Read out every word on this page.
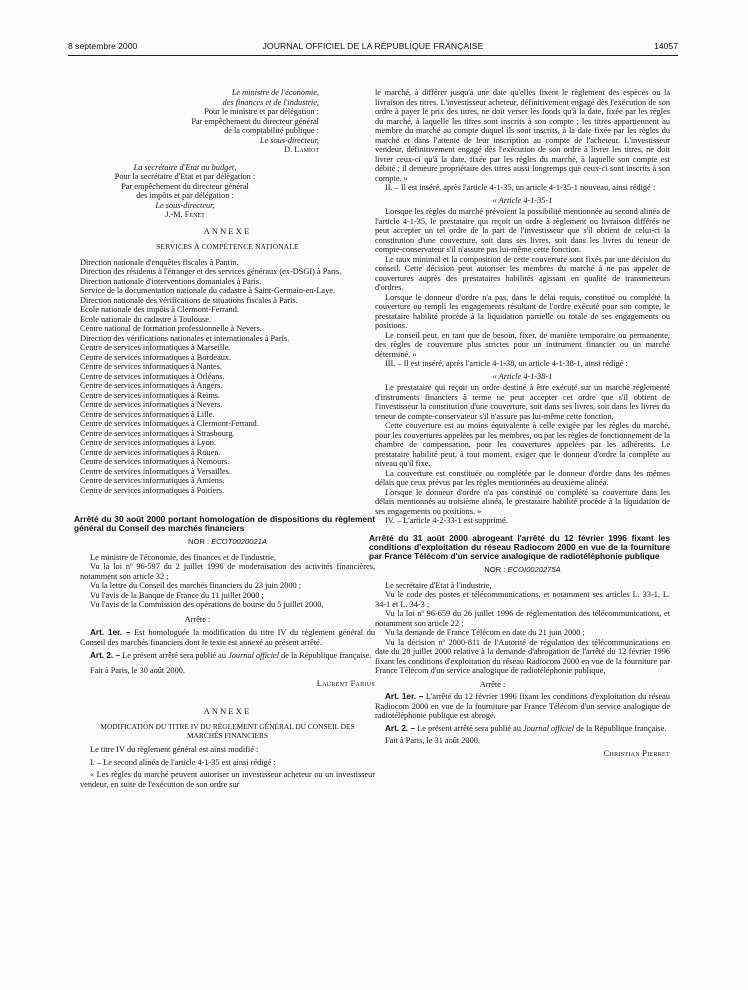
8 septembre 2000	JOURNAL OFFICIEL DE LA RÉPUBLIQUE FRANÇAISE	14057

Le ministre de l'économie,

des finances et de l'industrie,

Pour le ministre et par délégation :

Par empêchement du directeur général

de la comptabilité publique :

Le sous-directeur,

D. Lamiot

La secrétaire d'Etat au budget,

Pour la secrétaire d'Etat et par délégation :

Par empêchement du directeur général

des impôts et par délégation :

Le sous-directeur,

J.-M. Fenet

ANNEXE

SERVICES À COMPÉTENCE NATIONALE

Direction nationale d'enquêtes fiscales à Pantin.

Direction des résidents à l'étranger et des services généraux (ex-DSGI) à Paris.

Direction nationale d'interventions domaniales à Paris.

Service de la documentation nationale du cadastre à Saint-Germain-en-Laye.

Direction nationale des vérifications de situations fiscales à Paris.

Ecole nationale des impôts à Clermont-Ferrand.

Ecole nationale du cadastre à Toulouse.

Centre national de formation professionnelle à Nevers.

Direction des vérifications nationales et internationales à Paris.

Centre de services informatiques à Marseille.

Centre de services informatiques à Bordeaux.

Centre de services informatiques à Nantes.

Centre de services informatiques à Orléans.

Centre de services informatiques à Angers.

Centre de services informatiques à Reims.

Centre de services informatiques à Nevers.

Centre de services informatiques à Lille.

Centre de services informatiques à Clermont-Ferrand.

Centre de services informatiques à Strasbourg.

Centre de services informatiques à Lyon.

Centre de services informatiques à Rouen.

Centre de services informatiques à Nemours.

Centre de services informatiques à Versailles.

Centre de services informatiques à Amiens.

Centre de services informatiques à Poitiers.

Arrêté du 30 août 2000 portant homologation de dispositions du règlement général du Conseil des marchés financiers

NOR : ECOT0020021A

Le ministre de l'économie, des finances et de l'industrie,

Vu la loi nº 96-597 du 2 juillet 1996 de modernisation des activités financières, notamment son article 32 ;

Vu la lettre du Conseil des marchés financiers du 23 juin 2000 ;

Vu l'avis de la Banque de France du 11 juillet 2000 ;

Vu l'avis de la Commission des opérations de bourse du 5 juillet 2000,

Arrête :

Art. 1er. – Est homologuée la modification du titre IV du règlement général du Conseil des marchés financiers dont le texte est annexé au présent arrêté.

Art. 2. – Le présent arrêté sera publié au Journal officiel de la République française.

Fait à Paris, le 30 août 2000.

Laurent Fabius

ANNEXE

MODIFICATION DU TITRE IV DU RÈGLEMENT GÉNÉRAL DU CONSEIL DES MARCHÉS FINANCIERS

Le titre IV du règlement général est ainsi modifié :

I. – Le second alinéa de l'article 4-1-35 est ainsi rédigé :

« Les règles du marché peuvent autoriser un investisseur acheteur ou un investisseur vendeur, en suite de l'exécution de son ordre sur

le marché, à différer jusqu'à une date qu'elles fixent le règlement des espèces ou la livraison des titres. L'investisseur acheteur, définitivement engagé dès l'exécution de son ordre à payer le prix des titres, ne doit verser les fonds qu'à la date, fixée par les règles du marché, à laquelle les titres sont inscrits à son compte ; les titres appartiennent au membre du marché au compte duquel ils sont inscrits, à la date fixée par les règles du marché et dans l'attente de leur inscription au compte de l'acheteur. L'investisseur vendeur, définitivement engagé dès l'exécution de son ordre à livrer les titres, ne doit livrer ceux-ci qu'à la date, fixée par les règles du marché, à laquelle son compte est débité ; il demeure propriétaire des titres aussi longtemps que ceux-ci sont inscrits à son compte. »

II. – Il est inséré, après l'article 4-1-35, un article 4-1-35-1 nouveau, ainsi rédigé :

« Article 4-1-35-1

Lorsque les règles du marché prévoient la possibilité mentionnée au second alinéa de l'article 4-1-35, le prestataire qui reçoit un ordre à règlement ou livraison différés ne peut accepter un tel ordre de la part de l'investisseur que s'il obtient de celui-ci la constitution d'une couverture, soit dans ses livres, soit dans les livres du teneur de compte-conservateur s'il n'assure pas lui-même cette fonction.

Le taux minimal et la composition de cette couverture sont fixés par une décision du conseil. Cette décision peut autoriser les membres du marché à ne pas appeler de couvertures auprès des prestataires habilités agissant en qualité de transmetteurs d'ordres.

Lorsque le donneur d'ordre n'a pas, dans le délai requis, constitué ou complété la couverture ou rempli les engagements résultant de l'ordre exécuté pour son compte, le prestataire habilité procède à la liquidation partielle ou totale de ses engagements ou positions.

Le conseil peut, en tant que de besoin, fixer, de manière temporaire ou permanente, des règles de couverture plus strictes pour un instrument financier ou un marché déterminé. »

III. – Il est inséré, après l'article 4-1-38, un article 4-1-38-1, ainsi rédigé :

« Article 4-1-38-1

Le prestataire qui reçoit un ordre destiné à être exécuté sur un marché réglementé d'instruments financiers à terme ne peut accepter cet ordre que s'il obtient de l'investisseur la constitution d'une couverture, soit dans ses livres, soit dans les livres du teneur de compte-conservateur s'il n'assure pas lui-même cette fonction.

Cette couverture est au moins équivalente à celle exigée par les règles du marché, pour les couvertures appelées par les membres, ou par les règles de fonctionnement de la chambre de compensation, pour les couvertures appelées par les adhérents. Le prestataire habilité peut, à tout moment, exiger que le donneur d'ordre la complète au niveau qu'il fixe.

La couverture est constituée ou complétée par le donneur d'ordre dans les mêmes délais que ceux prévus par les règles mentionnées au deuxième alinéa.

Lorsque le donneur d'ordre n'a pas constitué ou complété sa couverture dans les délais mentionnés au troisième alinéa, le prestataire habilité procède à la liquidation de ses engagements ou positions. »

IV. – L'article 4-2-33-1 est supprimé.

Arrêté du 31 août 2000 abrogeant l'arrêté du 12 février 1996 fixant les conditions d'exploitation du réseau Radiocom 2000 en vue de la fourniture par France Télécom d'un service analogique de radiotéléphonie publique

NOR : ECOI0020275A

Le secrétaire d'Etat à l'industrie,

Vu le code des postes et télécommunications, et notamment ses articles L. 33-1, L. 34-1 et L. 34-3 ;

Vu la loi nº 96-659 du 26 juillet 1996 de réglementation des télécommunications, et notamment son article 22 ;

Vu la demande de France Télécom en date du 21 juin 2000 ;

Vu la décision nº 2000-811 de l'Autorité de régulation des télécommunications en date du 28 juillet 2000 relative à la demande d'abrogation de l'arrêté du 12 février 1996 fixant les conditions d'exploitation du réseau Radiocom 2000 en vue de la fourniture par France Télécom d'un service analogique de radiotéléphonie publique,

Arrête :

Art. 1er. – L'arrêté du 12 février 1996 fixant les conditions d'exploitation du réseau Radiocom 2000 en vue de la fourniture par France Télécom d'un service analogique de radiotéléphonie publique est abrogé.

Art. 2. – Le présent arrêté sera publié au Journal officiel de la République française.

Fait à Paris, le 31 août 2000.

Christian Pierret
